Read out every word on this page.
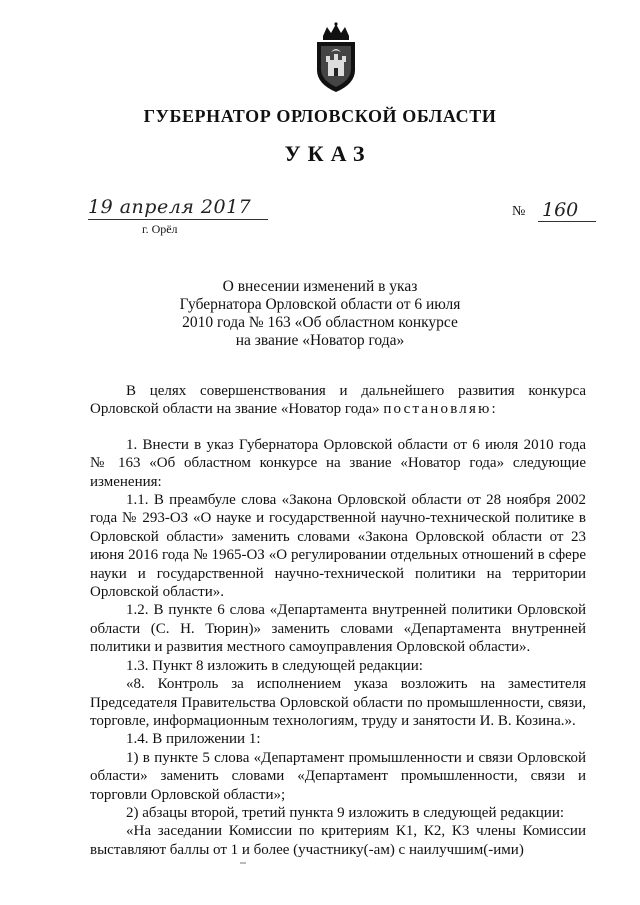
ГУБЕРНАТОР ОРЛОВСКОЙ ОБЛАСТИ
УКАЗ
19 апреля 2017
г. Орёл
№ 160
О внесении изменений в указ
Губернатора Орловской области от 6 июля
2010 года № 163 «Об областном конкурсе
на звание «Новатор года»

В целях совершенствования и дальнейшего развития конкурса Орловской области на звание «Новатор года» постановляю:

1. Внести в указ Губернатора Орловской области от 6 июля 2010 года № 163 «Об областном конкурсе на звание «Новатор года» следующие изменения:

1.1. В преамбуле слова «Закона Орловской области от 28 ноября 2002 года № 293-ОЗ «О науке и государственной научно-технической политике в Орловской области» заменить словами «Закона Орловской области от 23 июня 2016 года № 1965-ОЗ «О регулировании отдельных отношений в сфере науки и государственной научно-технической политики на территории Орловской области».

1.2. В пункте 6 слова «Департамента внутренней политики Орловской области (С. Н. Тюрин)» заменить словами «Департамента внутренней политики и развития местного самоуправления Орловской области».

1.3. Пункт 8 изложить в следующей редакции:

«8. Контроль за исполнением указа возложить на заместителя Председателя Правительства Орловской области по промышленности, связи, торговле, информационным технологиям, труду и занятости И. В. Козина.».

1.4. В приложении 1:

1) в пункте 5 слова «Департамент промышленности и связи Орловской области» заменить словами «Департамент промышленности, связи и торговли Орловской области»;

2) абзацы второй, третий пункта 9 изложить в следующей редакции:

«На заседании Комиссии по критериям К1, К2, К3 члены Комиссии выставляют баллы от 1 и более (участнику(-ам) с наилучшим(-ими)
